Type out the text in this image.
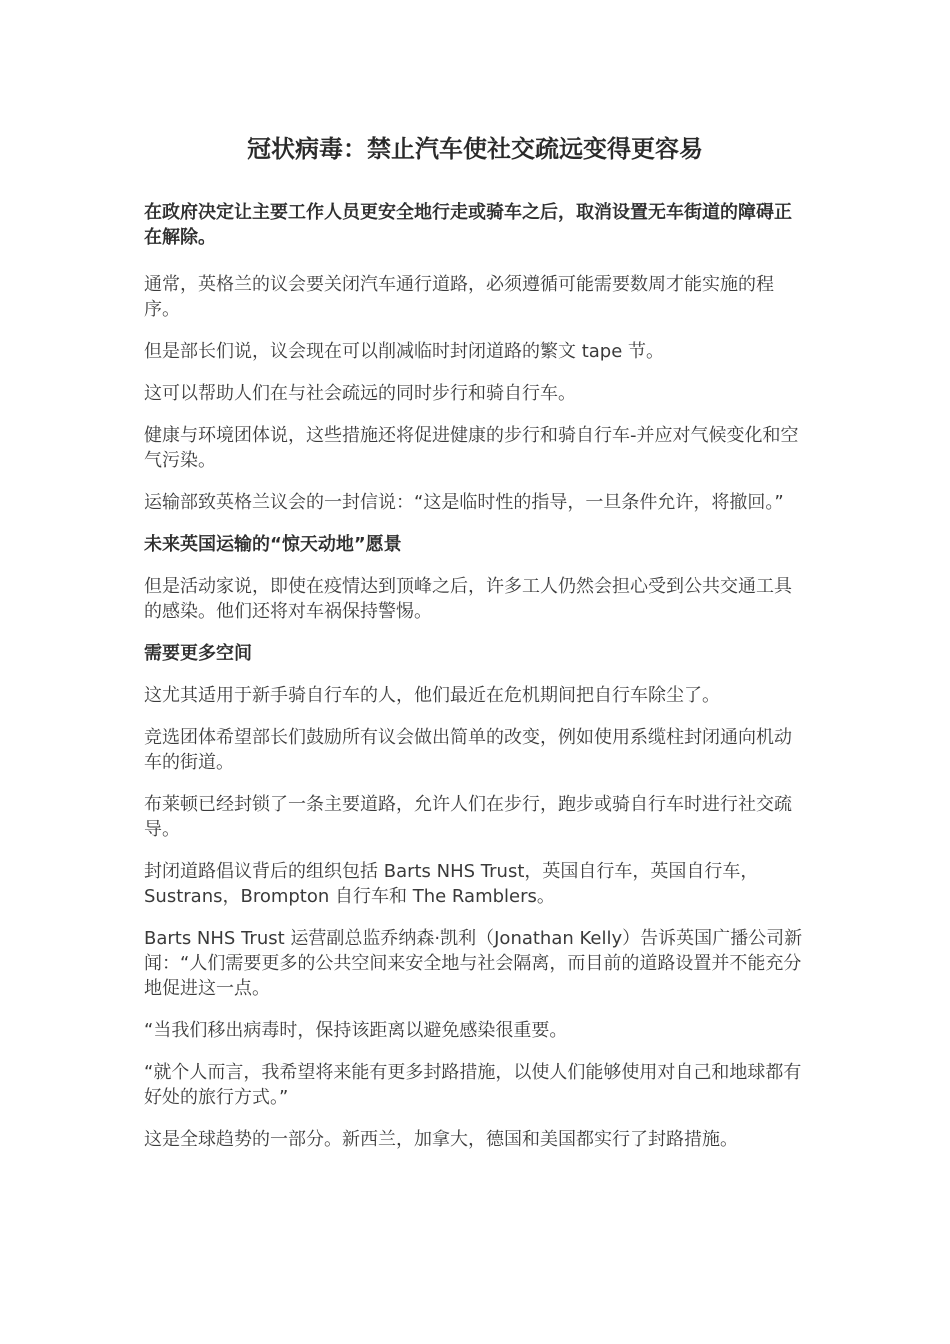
冠状病毒：禁止汽车使社交疏远变得更容易

在政府决定让主要工作人员更安全地行走或骑车之后，取消设置无车街道的障碍正在解除。

通常，英格兰的议会要关闭汽车通行道路，必须遵循可能需要数周才能实施的程序。

但是部长们说，议会现在可以削减临时封闭道路的繁文 tape 节。

这可以帮助人们在与社会疏远的同时步行和骑自行车。

健康与环境团体说，这些措施还将促进健康的步行和骑自行车-并应对气候变化和空气污染。

运输部致英格兰议会的一封信说：“这是临时性的指导，一旦条件允许，将撤回。”

未来英国运输的“惊天动地”愿景

但是活动家说，即使在疫情达到顶峰之后，许多工人仍然会担心受到公共交通工具的感染。他们还将对车祸保持警惕。

需要更多空间

这尤其适用于新手骑自行车的人，他们最近在危机期间把自行车除尘了。

竞选团体希望部长们鼓励所有议会做出简单的改变，例如使用系缆柱封闭通向机动车的街道。

布莱顿已经封锁了一条主要道路，允许人们在步行，跑步或骑自行车时进行社交疏导。

封闭道路倡议背后的组织包括 Barts NHS Trust，英国自行车，英国自行车，Sustrans，Brompton 自行车和 The Ramblers。

Barts NHS Trust 运营副总监乔纳森·凯利（Jonathan Kelly）告诉英国广播公司新闻：“人们需要更多的公共空间来安全地与社会隔离，而目前的道路设置并不能充分地促进这一点。

“当我们移出病毒时，保持该距离以避免感染很重要。

“就个人而言，我希望将来能有更多封路措施，以使人们能够使用对自己和地球都有好处的旅行方式。”

这是全球趋势的一部分。新西兰，加拿大，德国和美国都实行了封路措施。
